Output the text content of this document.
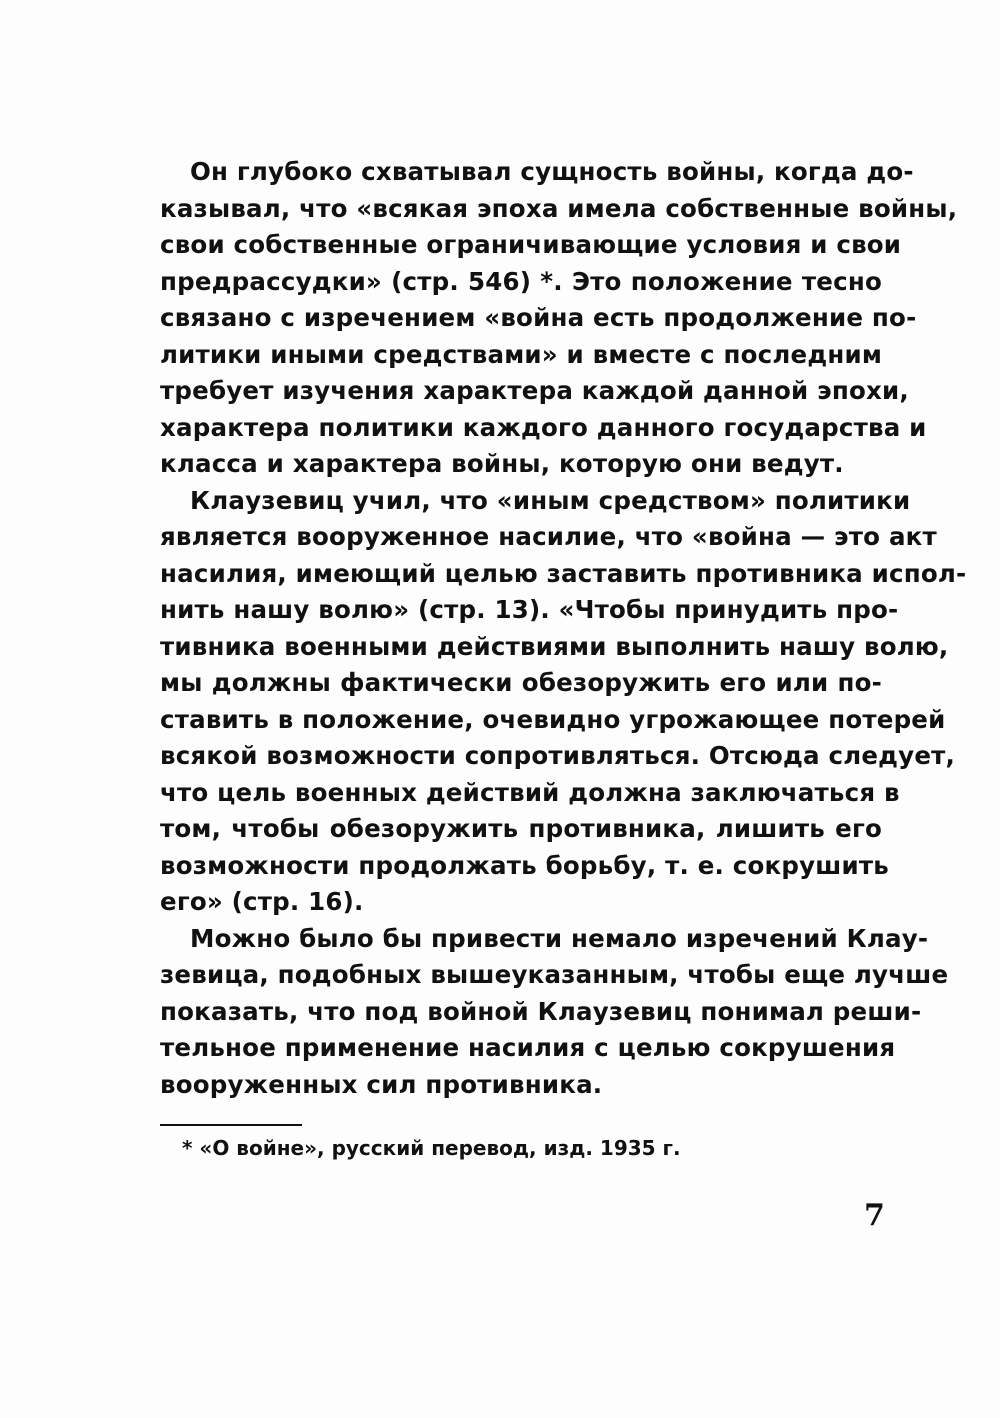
Он глубоко схватывал сущность войны, когда до-
казывал, что «всякая эпоха имела собственные войны,
свои собственные ограничивающие условия и свои
предрассудки» (стр. 546) *. Это положение тесно
связано с изречением «война есть продолжение по-
литики иными средствами» и вместе с последним
требует изучения характера каждой данной эпохи,
характера политики каждого данного государства и
класса и характера войны, которую они ведут.
Клаузевиц учил, что «иным средством» политики
является вооруженное насилие, что «война — это акт
насилия, имеющий целью заставить противника испол-
нить нашу волю» (стр. 13). «Чтобы принудить про-
тивника военными действиями выполнить нашу волю,
мы должны фактически обезоружить его или по-
ставить в положение, очевидно угрожающее потерей
всякой возможности сопротивляться. Отсюда следует,
что цель военных действий должна заключаться в
том, чтобы обезоружить противника, лишить его
возможности продолжать борьбу, т. е. сокрушить
его» (стр. 16).
Можно было бы привести немало изречений Клау-
зевица, подобных вышеуказанным, чтобы еще лучше
показать, что под войной Клаузевиц понимал реши-
тельное применение насилия с целью сокрушения
вооруженных сил противника.
* «О войне», русский перевод, изд. 1935 г.
7
